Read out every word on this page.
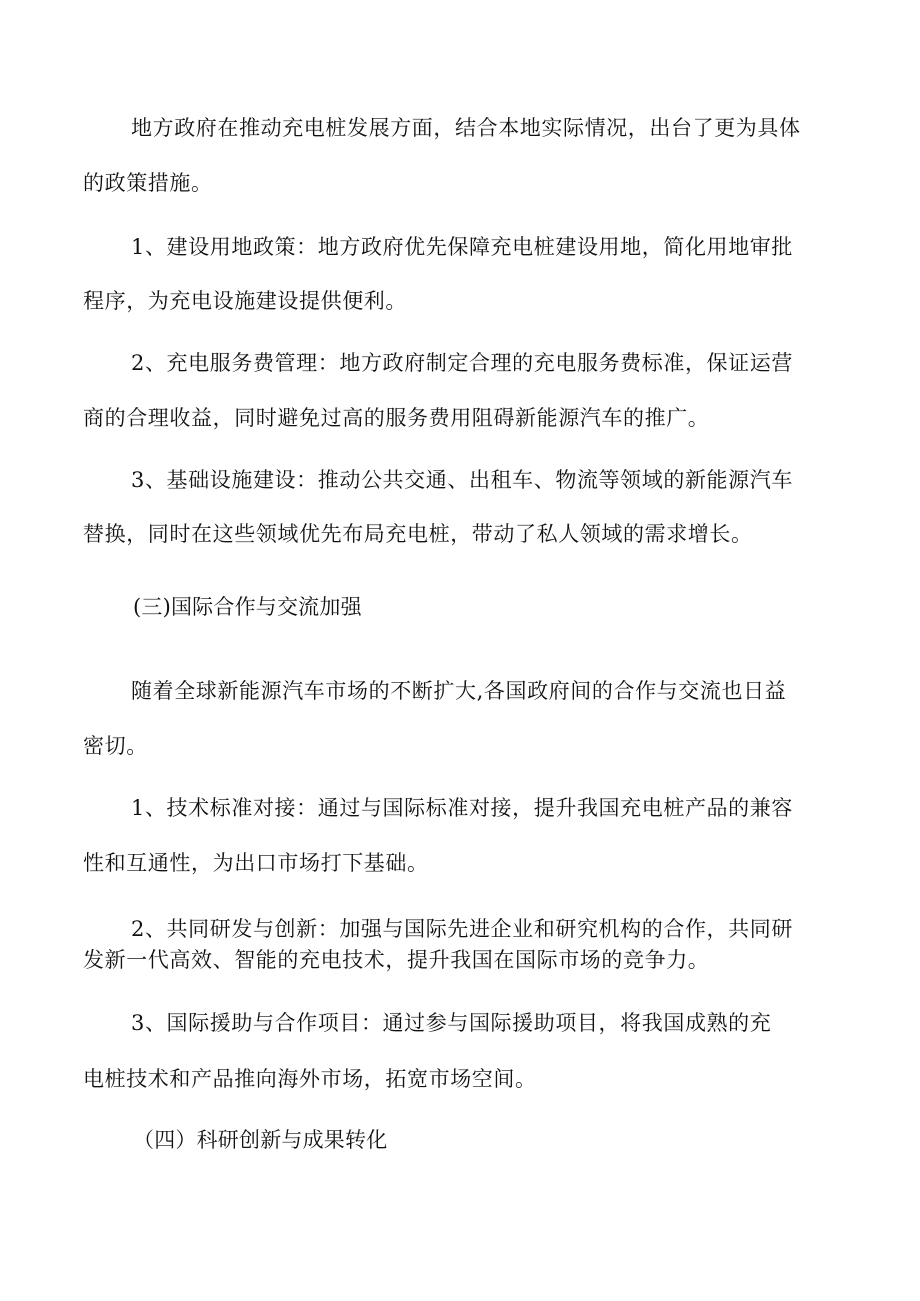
地方政府在推动充电桩发展方面，结合本地实际情况，出台了更为具体
的政策措施。
1、建设用地政策：地方政府优先保障充电桩建设用地，简化用地审批
程序，为充电设施建设提供便利。
2、充电服务费管理：地方政府制定合理的充电服务费标准，保证运营
商的合理收益，同时避免过高的服务费用阻碍新能源汽车的推广。
3、基础设施建设：推动公共交通、出租车、物流等领域的新能源汽车
替换，同时在这些领域优先布局充电桩，带动了私人领域的需求增长。
(三)国际合作与交流加强
随着全球新能源汽车市场的不断扩大,各国政府间的合作与交流也日益
密切。
1、技术标准对接：通过与国际标准对接，提升我国充电桩产品的兼容
性和互通性，为出口市场打下基础。
2、共同研发与创新：加强与国际先进企业和研究机构的合作，共同研
发新一代高效、智能的充电技术，提升我国在国际市场的竞争力。
3、国际援助与合作项目：通过参与国际援助项目，将我国成熟的充
电桩技术和产品推向海外市场，拓宽市场空间。
（四）科研创新与成果转化
